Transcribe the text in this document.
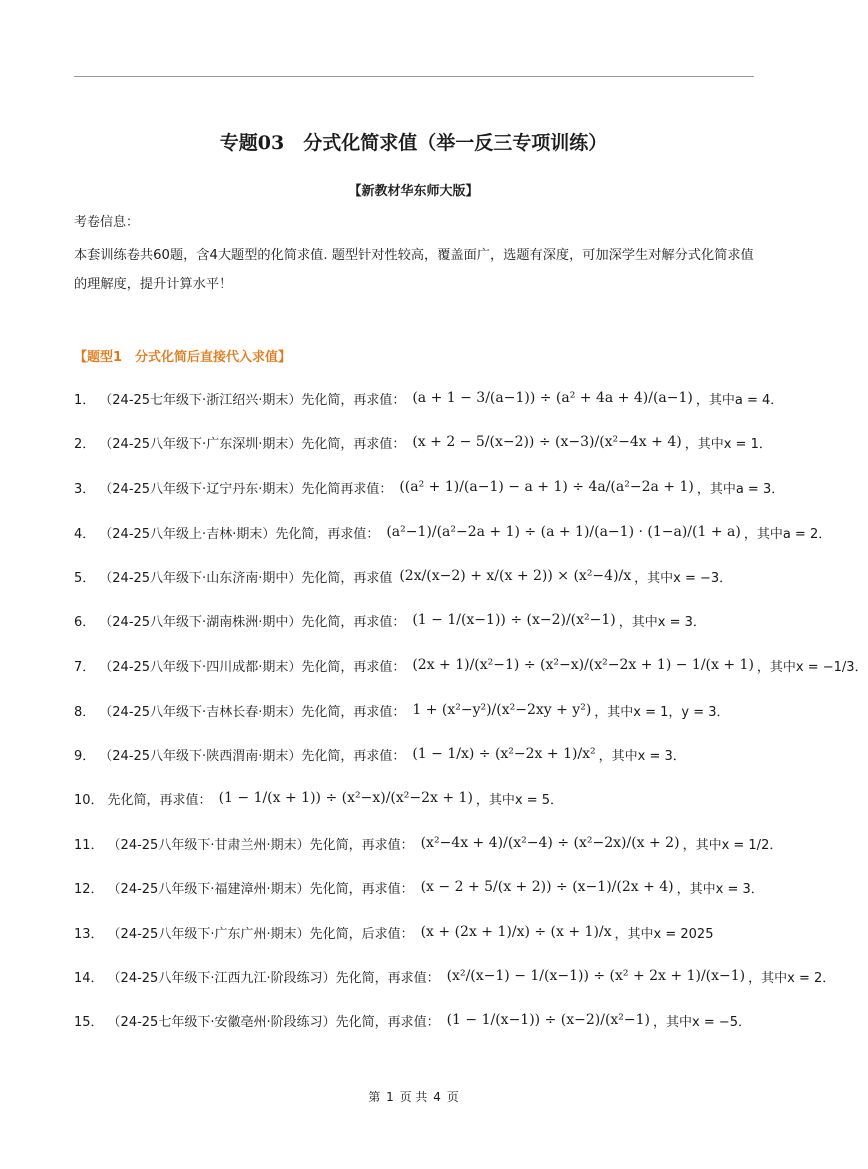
专题03　分式化简求值（举一反三专项训练）
【新教材华东师大版】
考卷信息：
本套训练卷共60题，含4大题型的化简求值. 题型针对性较高，覆盖面广，选题有深度，可加深学生对解分式化简求值的理解度，提升计算水平！
【题型1　分式化简后直接代入求值】
1． （24-25七年级下·浙江绍兴·期末）先化简，再求值： (a + 1 − 3/(a−1)) ÷ (a² + 4a + 4)/(a−1) ，其中a = 4．
2． （24-25八年级下·广东深圳·期末）先化简，再求值： (x + 2 − 5/(x−2)) ÷ (x−3)/(x²−4x + 4) ，其中x = 1．
3． （24-25八年级下·辽宁丹东·期末）先化简再求值： ((a² + 1)/(a−1) − a + 1) ÷ 4a/(a²−2a + 1) ，其中a = 3．
4． （24-25八年级上·吉林·期末）先化简，再求值： (a²−1)/(a²−2a + 1) ÷ (a + 1)/(a−1) · (1−a)/(1 + a) ，其中a = 2．
5． （24-25八年级下·山东济南·期中）先化简，再求值 (2x/(x−2) + x/(x + 2)) × (x²−4)/x ，其中x = −3．
6． （24-25八年级下·湖南株洲·期中）先化简，再求值： (1 − 1/(x−1)) ÷ (x−2)/(x²−1) ，其中x = 3．
7． （24-25八年级下·四川成都·期末）先化简，再求值： (2x + 1)/(x²−1) ÷ (x²−x)/(x²−2x + 1) − 1/(x + 1) ，其中x = −1/3．
8． （24-25八年级下·吉林长春·期末）先化简，再求值： 1 + (x²−y²)/(x²−2xy + y²) ，其中x = 1，y = 3．
9． （24-25八年级下·陕西渭南·期末）先化简，再求值： (1 − 1/x) ÷ (x²−2x + 1)/x² ，其中x = 3．
10． 先化简，再求值： (1 − 1/(x + 1)) ÷ (x²−x)/(x²−2x + 1) ，其中x = 5．
11． （24-25八年级下·甘肃兰州·期末）先化简，再求值： (x²−4x + 4)/(x²−4) ÷ (x²−2x)/(x + 2) ，其中x = 1/2．
12． （24-25八年级下·福建漳州·期末）先化简，再求值： (x − 2 + 5/(x + 2)) ÷ (x−1)/(2x + 4) ，其中x = 3．
13． （24-25八年级下·广东广州·期末）先化简，后求值： (x + (2x + 1)/x) ÷ (x + 1)/x ，其中x = 2025
14． （24-25八年级下·江西九江·阶段练习）先化简，再求值： (x²/(x−1) − 1/(x−1)) ÷ (x² + 2x + 1)/(x−1) ，其中x = 2．
15． （24-25七年级下·安徽亳州·阶段练习）先化简，再求值： (1 − 1/(x−1)) ÷ (x−2)/(x²−1) ，其中x = −5．
第 1 页 共 4 页
